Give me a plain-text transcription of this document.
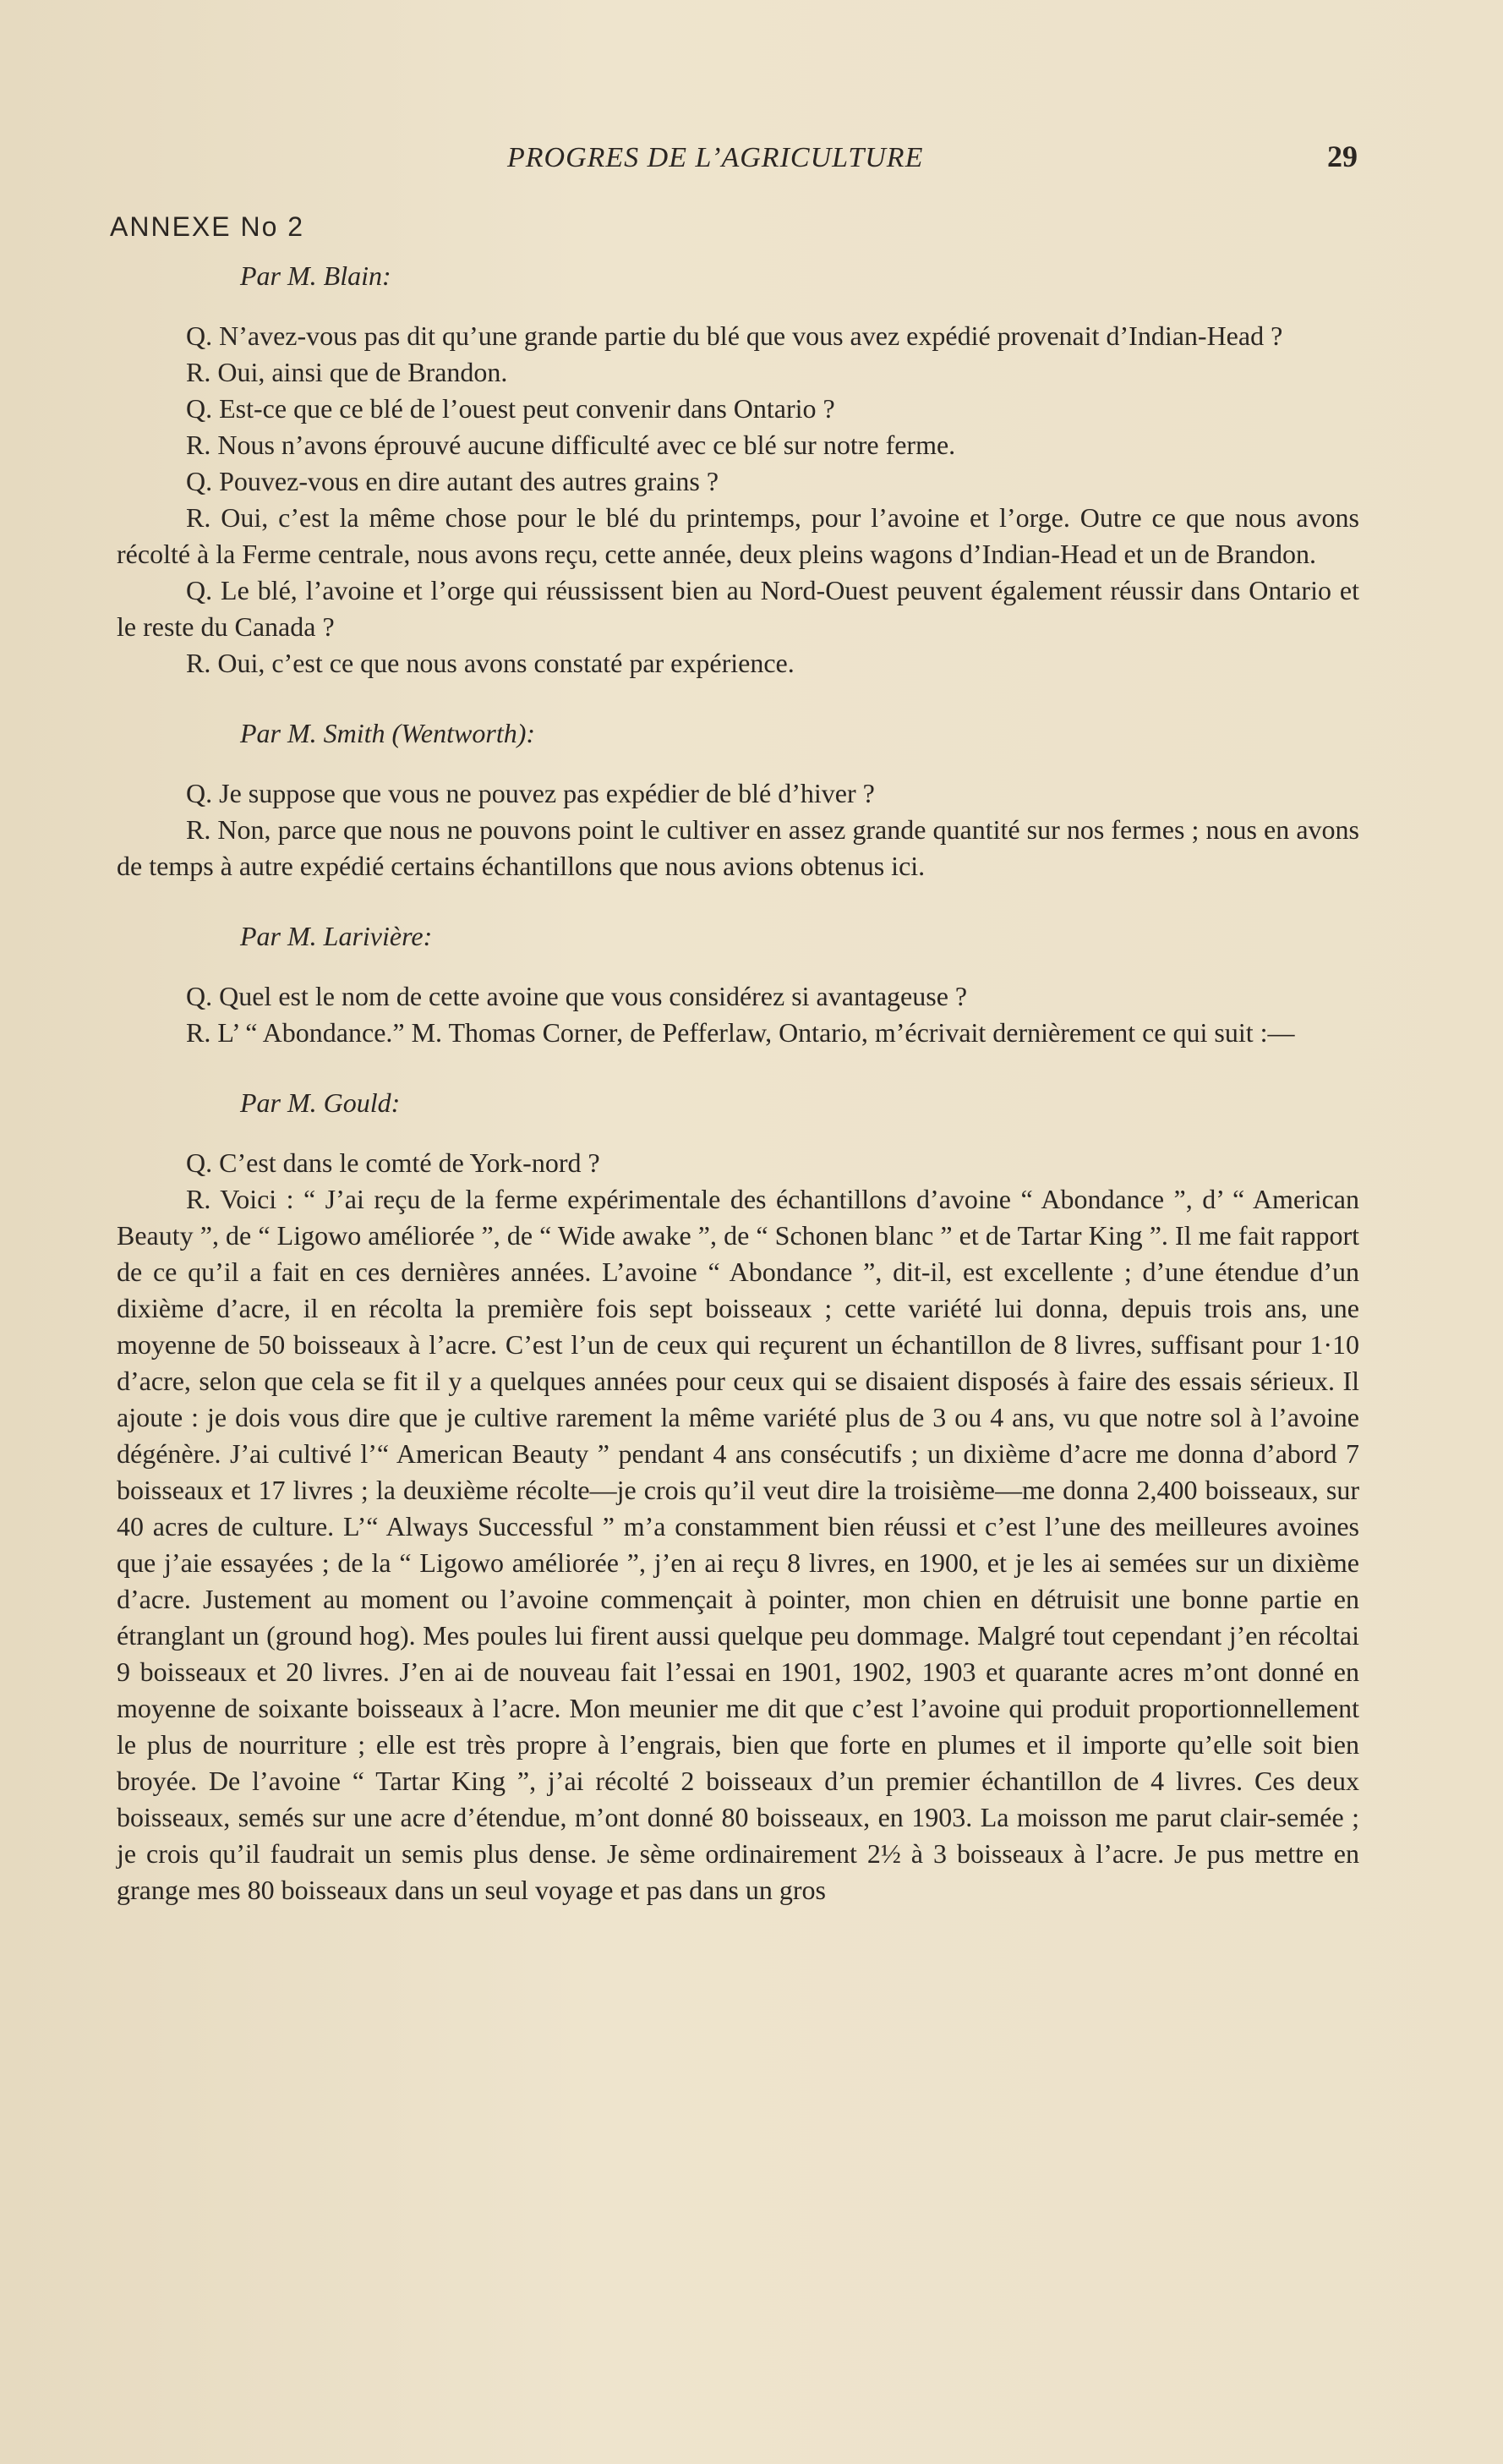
PROGRES DE L’AGRICULTURE	29
ANNEXE No 2
Par M. Blain:

Q. N’avez-vous pas dit qu’une grande partie du blé que vous avez expédié provenait d’Indian-Head ?

R. Oui, ainsi que de Brandon.

Q. Est-ce que ce blé de l’ouest peut convenir dans Ontario ?

R. Nous n’avons éprouvé aucune difficulté avec ce blé sur notre ferme.

Q. Pouvez-vous en dire autant des autres grains ?

R. Oui, c’est la même chose pour le blé du printemps, pour l’avoine et l’orge. Outre ce que nous avons récolté à la Ferme centrale, nous avons reçu, cette année, deux pleins wagons d’Indian-Head et un de Brandon.

Q. Le blé, l’avoine et l’orge qui réussissent bien au Nord-Ouest peuvent également réussir dans Ontario et le reste du Canada ?

R. Oui, c’est ce que nous avons constaté par expérience.

Par M. Smith (Wentworth):

Q. Je suppose que vous ne pouvez pas expédier de blé d’hiver ?

R. Non, parce que nous ne pouvons point le cultiver en assez grande quantité sur nos fermes ; nous en avons de temps à autre expédié certains échantillons que nous avions obtenus ici.

Par M. Larivière:

Q. Quel est le nom de cette avoine que vous considérez si avantageuse ?

R. L’ “ Abondance.” M. Thomas Corner, de Pefferlaw, Ontario, m’écrivait dernièrement ce qui suit :—

Par M. Gould:

Q. C’est dans le comté de York-nord ?

R. Voici : “ J’ai reçu de la ferme expérimentale des échantillons d’avoine “ Abondance ”, d’ “ American Beauty ”, de “ Ligowo améliorée ”, de “ Wide awake ”, de “ Schonen blanc ” et de Tartar King ”. Il me fait rapport de ce qu’il a fait en ces dernières années. L’avoine “ Abondance ”, dit-il, est excellente ; d’une étendue d’un dixième d’acre, il en récolta la première fois sept boisseaux ; cette variété lui donna, depuis trois ans, une moyenne de 50 boisseaux à l’acre. C’est l’un de ceux qui reçurent un échantillon de 8 livres, suffisant pour 1·10 d’acre, selon que cela se fit il y a quelques années pour ceux qui se disaient disposés à faire des essais sérieux. Il ajoute : je dois vous dire que je cultive rarement la même variété plus de 3 ou 4 ans, vu que notre sol à l’avoine dégénère. J’ai cultivé l’“ American Beauty ” pendant 4 ans consécutifs ; un dixième d’acre me donna d’abord 7 boisseaux et 17 livres ; la deuxième récolte—je crois qu’il veut dire la troisième—me donna 2,400 boisseaux, sur 40 acres de culture. L’“ Always Successful ” m’a constamment bien réussi et c’est l’une des meilleures avoines que j’aie essayées ; de la “ Ligowo améliorée ”, j’en ai reçu 8 livres, en 1900, et je les ai semées sur un dixième d’acre. Justement au moment ou l’avoine commençait à pointer, mon chien en détruisit une bonne partie en étranglant un (ground hog). Mes poules lui firent aussi quelque peu dommage. Malgré tout cependant j’en récoltai 9 boisseaux et 20 livres. J’en ai de nouveau fait l’essai en 1901, 1902, 1903 et quarante acres m’ont donné en moyenne de soixante boisseaux à l’acre. Mon meunier me dit que c’est l’avoine qui produit proportionnellement le plus de nourriture ; elle est très propre à l’engrais, bien que forte en plumes et il importe qu’elle soit bien broyée. De l’avoine “ Tartar King ”, j’ai récolté 2 boisseaux d’un premier échantillon de 4 livres. Ces deux boisseaux, semés sur une acre d’étendue, m’ont donné 80 boisseaux, en 1903. La moisson me parut clair-semée ; je crois qu’il faudrait un semis plus dense. Je sème ordinairement 2½ à 3 boisseaux à l’acre. Je pus mettre en grange mes 80 boisseaux dans un seul voyage et pas dans un gros
